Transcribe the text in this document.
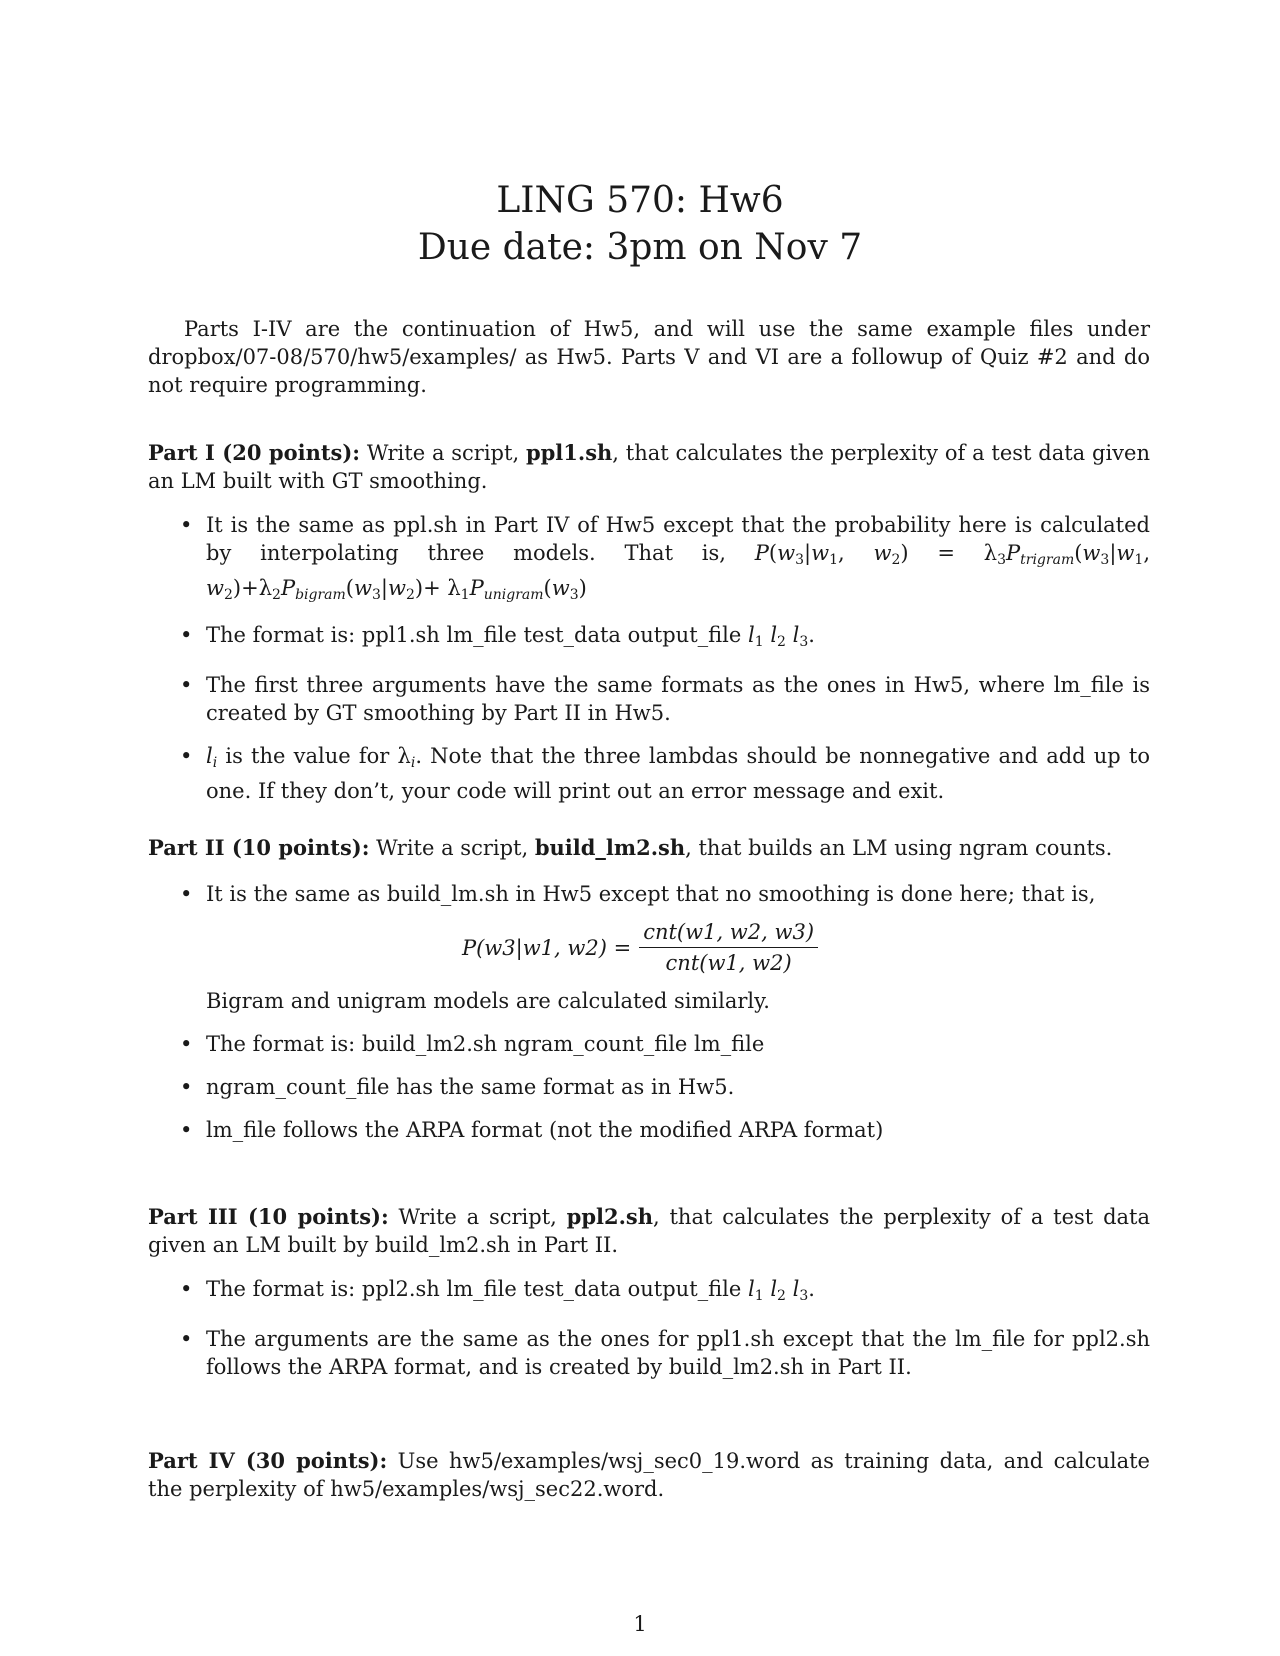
LING 570: Hw6
Due date: 3pm on Nov 7
Parts I-IV are the continuation of Hw5, and will use the same example files under dropbox/07-08/570/hw5/examples/ as Hw5. Parts V and VI are a followup of Quiz #2 and do not require programming.
Part I (20 points): Write a script, ppl1.sh, that calculates the perplexity of a test data given an LM built with GT smoothing.
• It is the same as ppl.sh in Part IV of Hw5 except that the probability here is calculated by interpolating three models. That is, P(w3|w1, $w2) = \lambda 3P_{trigram}(w3|w1$, $w2)+\lambda 2P_{bigram}(w3|w2)+ \lambda 1P_{unigram}(w3)$
• The format is: ppl1.sh lm_file test_data output_file l1 l2 l3.
• The first three arguments have the same formats as the ones in Hw5, where lm_file is created by GT smoothing by Part II in Hw5.
• $l_i$ is the value for $\lambda_i$. Note that the three lambdas should be nonnegative and add up to one. If they don’t, your code will print out an error message and exit.
Part II (10 points): Write a script, build_lm2.sh, that builds an LM using ngram counts.
• It is the same as build_lm.sh in Hw5 except that no smoothing is done here; that is,
P(w3|w1, $w2) = \frac{\text{cnt(w1, w2, w3)}}{\text{cnt(w1, w2)}}$
Bigram and unigram models are calculated similarly.
• The format is: build_lm2.sh ngram_count_file lm_file
• ngram_count_file has the same format as in Hw5.
• lm_file follows the ARPA format (not the modified ARPA format)
Part III (10 points): Write a script, ppl2.sh, that calculates the perplexity of a test data given an LM built by build_lm2.sh in Part II.
• The format is: ppl2.sh lm_file test_data output_file l1 l2 l3.
• The arguments are the same as the ones for ppl1.sh except that the lm_file for ppl2.sh follows the ARPA format, and is created by build_lm2.sh in Part II.
Part IV (30 points): Use hw5/examples/wsj_sec0_19.word as training data, and calculate the perplexity of hw5/examples/wsj_sec22.word.
1
